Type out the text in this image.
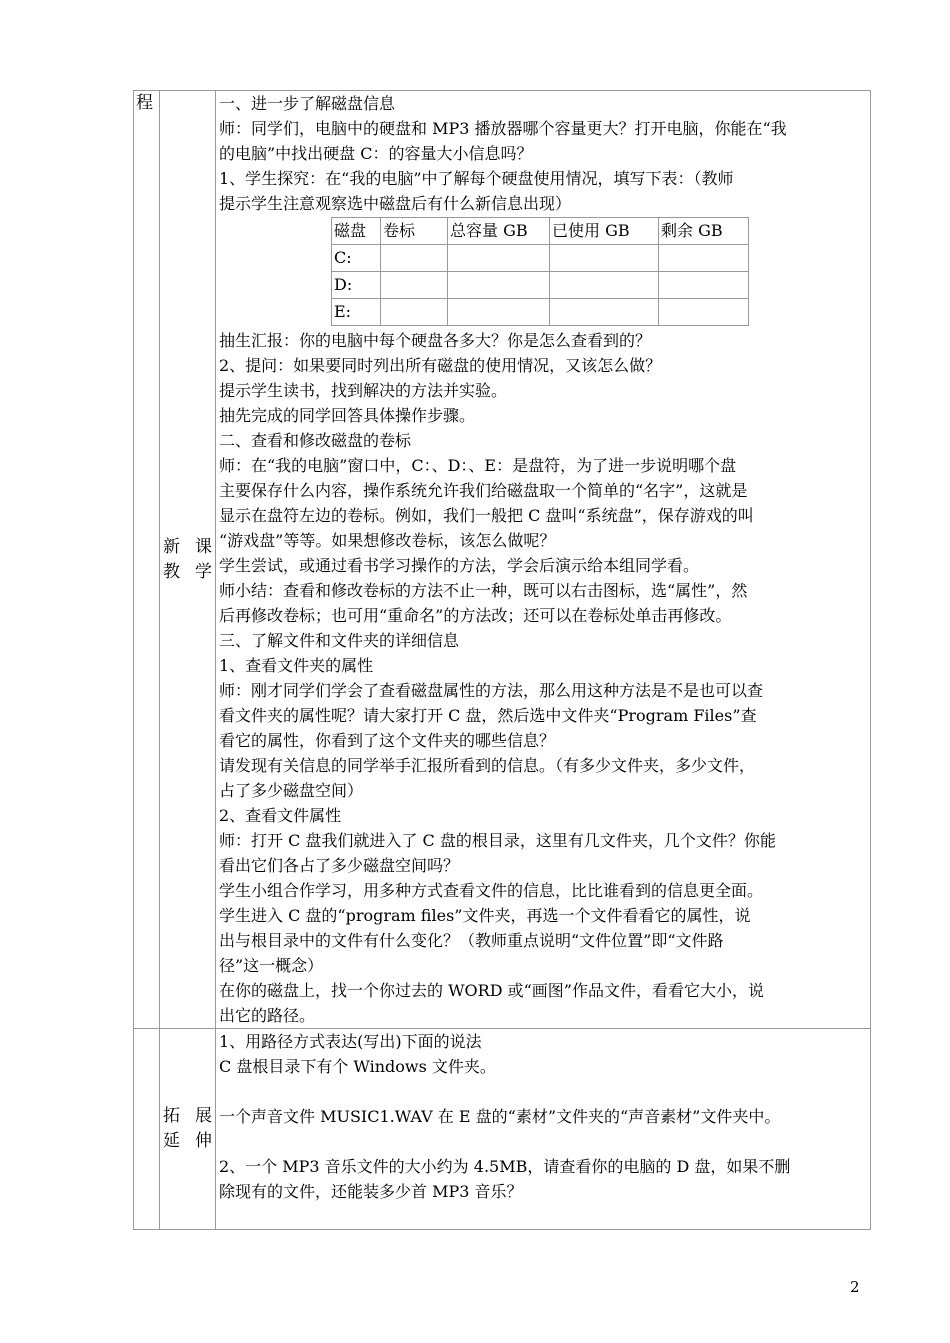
程	
新 课
教学

一、进一步了解磁盘信息
师：同学们，电脑中的硬盘和 MP3 播放器哪个容量更大？打开电脑，你能在“我
的电脑”中找出硬盘 C：的容量大小信息吗？
1、学生探究：在“我的电脑”中了解每个硬盘使用情况，填写下表：（教师
提示学生注意观察选中磁盘后有什么新信息出现）
磁盘	卷标	总容量 GB	已使用 GB	剩余 GB
C:				
D:				
E:				
抽生汇报：你的电脑中每个硬盘各多大？你是怎么查看到的？
2、提问：如果要同时列出所有磁盘的使用情况，又该怎么做？
提示学生读书，找到解决的方法并实验。
抽先完成的同学回答具体操作步骤。
二、查看和修改磁盘的卷标
师：在“我的电脑”窗口中，C：、D：、E：是盘符，为了进一步说明哪个盘
主要保存什么内容，操作系统允许我们给磁盘取一个简单的“名字”，这就是
显示在盘符左边的卷标。例如，我们一般把 C 盘叫“系统盘”，保存游戏的叫
“游戏盘”等等。如果想修改卷标，该怎么做呢？
学生尝试，或通过看书学习操作的方法，学会后演示给本组同学看。
师小结：查看和修改卷标的方法不止一种，既可以右击图标，选“属性”，然
后再修改卷标；也可用“重命名”的方法改；还可以在卷标处单击再修改。
三、了解文件和文件夹的详细信息
1、查看文件夹的属性
师：刚才同学们学会了查看磁盘属性的方法，那么用这种方法是不是也可以查
看文件夹的属性呢？请大家打开 C 盘，然后选中文件夹“Program Files”查
看它的属性，你看到了这个文件夹的哪些信息？
请发现有关信息的同学举手汇报所看到的信息。（有多少文件夹，多少文件，
占了多少磁盘空间）
2、查看文件属性
师：打开 C 盘我们就进入了 C 盘的根目录，这里有几文件夹，几个文件？你能
看出它们各占了多少磁盘空间吗？
学生小组合作学习，用多种方式查看文件的信息，比比谁看到的信息更全面。
学生进入 C 盘的“program files”文件夹，再选一个文件看看它的属性，说
出与根目录中的文件有什么变化？（教师重点说明“文件位置”即“文件路
径”这一概念）
在你的磁盘上，找一个你过去的 WORD 或“画图”作品文件，看看它大小，说
出它的路径。

拓 展
延伸

1、用路径方式表达(写出)下面的说法
C 盘根目录下有个 Windows 文件夹。
一个声音文件 MUSIC1.WAV 在 E 盘的“素材”文件夹的“声音素材”文件夹中。
2、一个 MP3 音乐文件的大小约为 4.5MB，请查看你的电脑的 D 盘，如果不删
除现有的文件，还能装多少首 MP3 音乐？
2
